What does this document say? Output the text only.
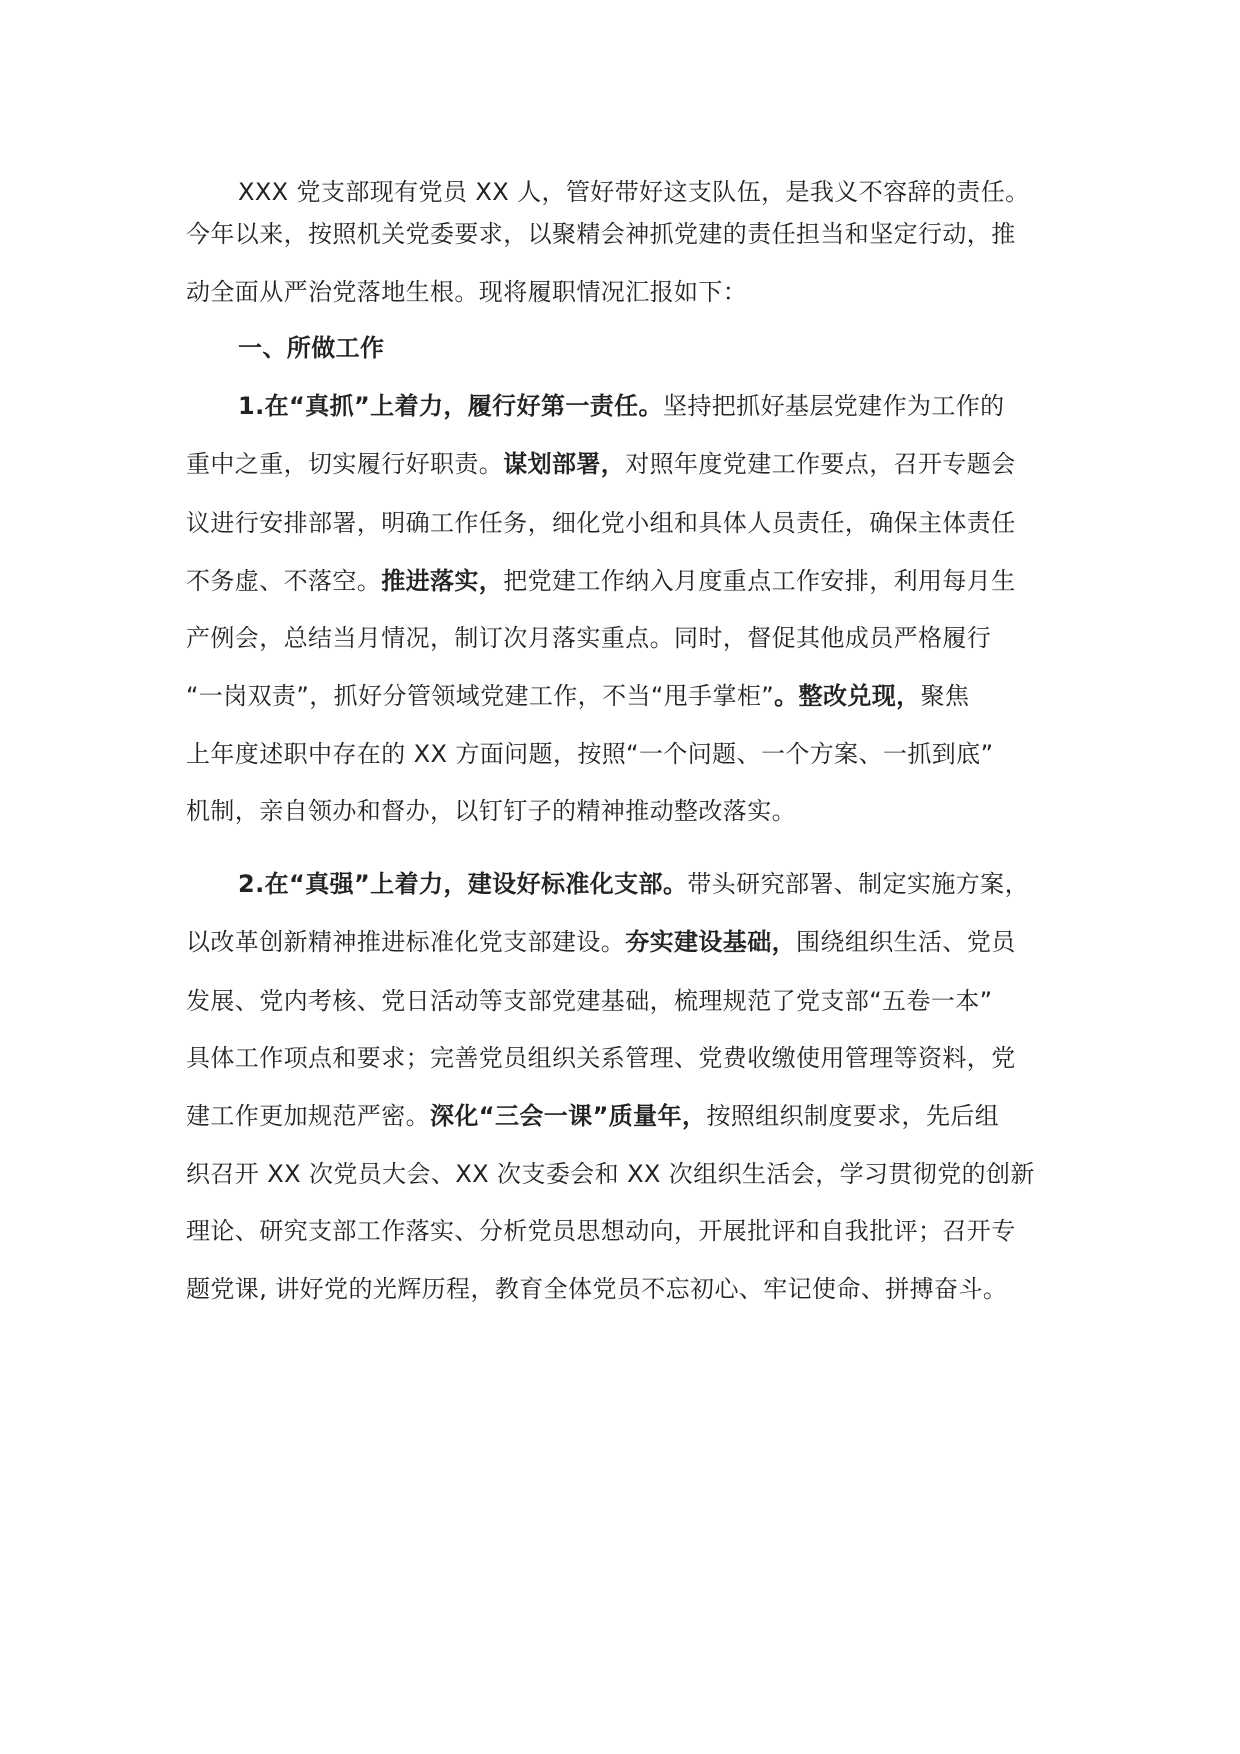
XXX 党支部现有党员 XX 人，管好带好这支队伍，是我义不容辞的责任。
今年以来，按照机关党委要求，以聚精会神抓党建的责任担当和坚定行动，推
动全面从严治党落地生根。现将履职情况汇报如下：
一、所做工作
1.在“真抓”上着力，履行好第一责任。坚持把抓好基层党建作为工作的
重中之重，切实履行好职责。谋划部署，对照年度党建工作要点，召开专题会
议进行安排部署，明确工作任务，细化党小组和具体人员责任，确保主体责任
不务虚、不落空。推进落实，把党建工作纳入月度重点工作安排，利用每月生
产例会，总结当月情况，制订次月落实重点。同时，督促其他成员严格履行
“一岗双责”，抓好分管领域党建工作，不当“甩手掌柜”。整改兑现，聚焦
上年度述职中存在的 XX 方面问题，按照“一个问题、一个方案、一抓到底”
机制，亲自领办和督办，以钉钉子的精神推动整改落实。
2.在“真强”上着力，建设好标准化支部。带头研究部署、制定实施方案，
以改革创新精神推进标准化党支部建设。夯实建设基础，围绕组织生活、党员
发展、党内考核、党日活动等支部党建基础，梳理规范了党支部“五卷一本”
具体工作项点和要求；完善党员组织关系管理、党费收缴使用管理等资料，党
建工作更加规范严密。深化“三会一课”质量年，按照组织制度要求，先后组
织召开 XX 次党员大会、XX 次支委会和 XX 次组织生活会，学习贯彻党的创新
理论、研究支部工作落实、分析党员思想动向，开展批评和自我批评；召开专
题党课, 讲好党的光辉历程，教育全体党员不忘初心、牢记使命、拼搏奋斗。
